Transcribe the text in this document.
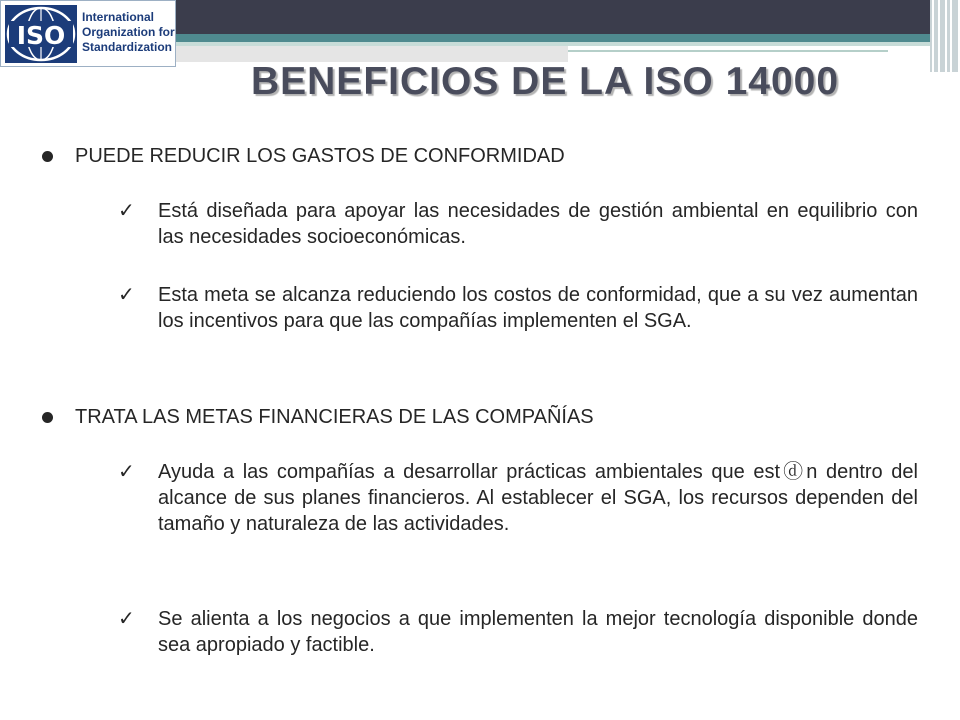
ISO
International
Organization for
Standardization
BENEFICIOS DE LA ISO 14000
PUEDE REDUCIR LOS GASTOS DE CONFORMIDAD
✓ Está diseñada para apoyar las necesidades de gestión ambiental en equilibrio con las necesidades socioeconómicas.
✓ Esta meta se alcanza reduciendo los costos de conformidad, que a su vez aumentan los incentivos para que las compañías implementen el SGA.
TRATA LAS METAS FINANCIERAS DE LAS COMPAÑÍAS
✓ Ayuda a las compañías a desarrollar prácticas ambientales que estⓓn dentro del alcance de sus planes financieros. Al establecer el SGA, los recursos dependen del tamaño y naturaleza de las actividades.
✓ Se alienta a los negocios a que implementen la mejor tecnología disponible donde sea apropiado y factible.
